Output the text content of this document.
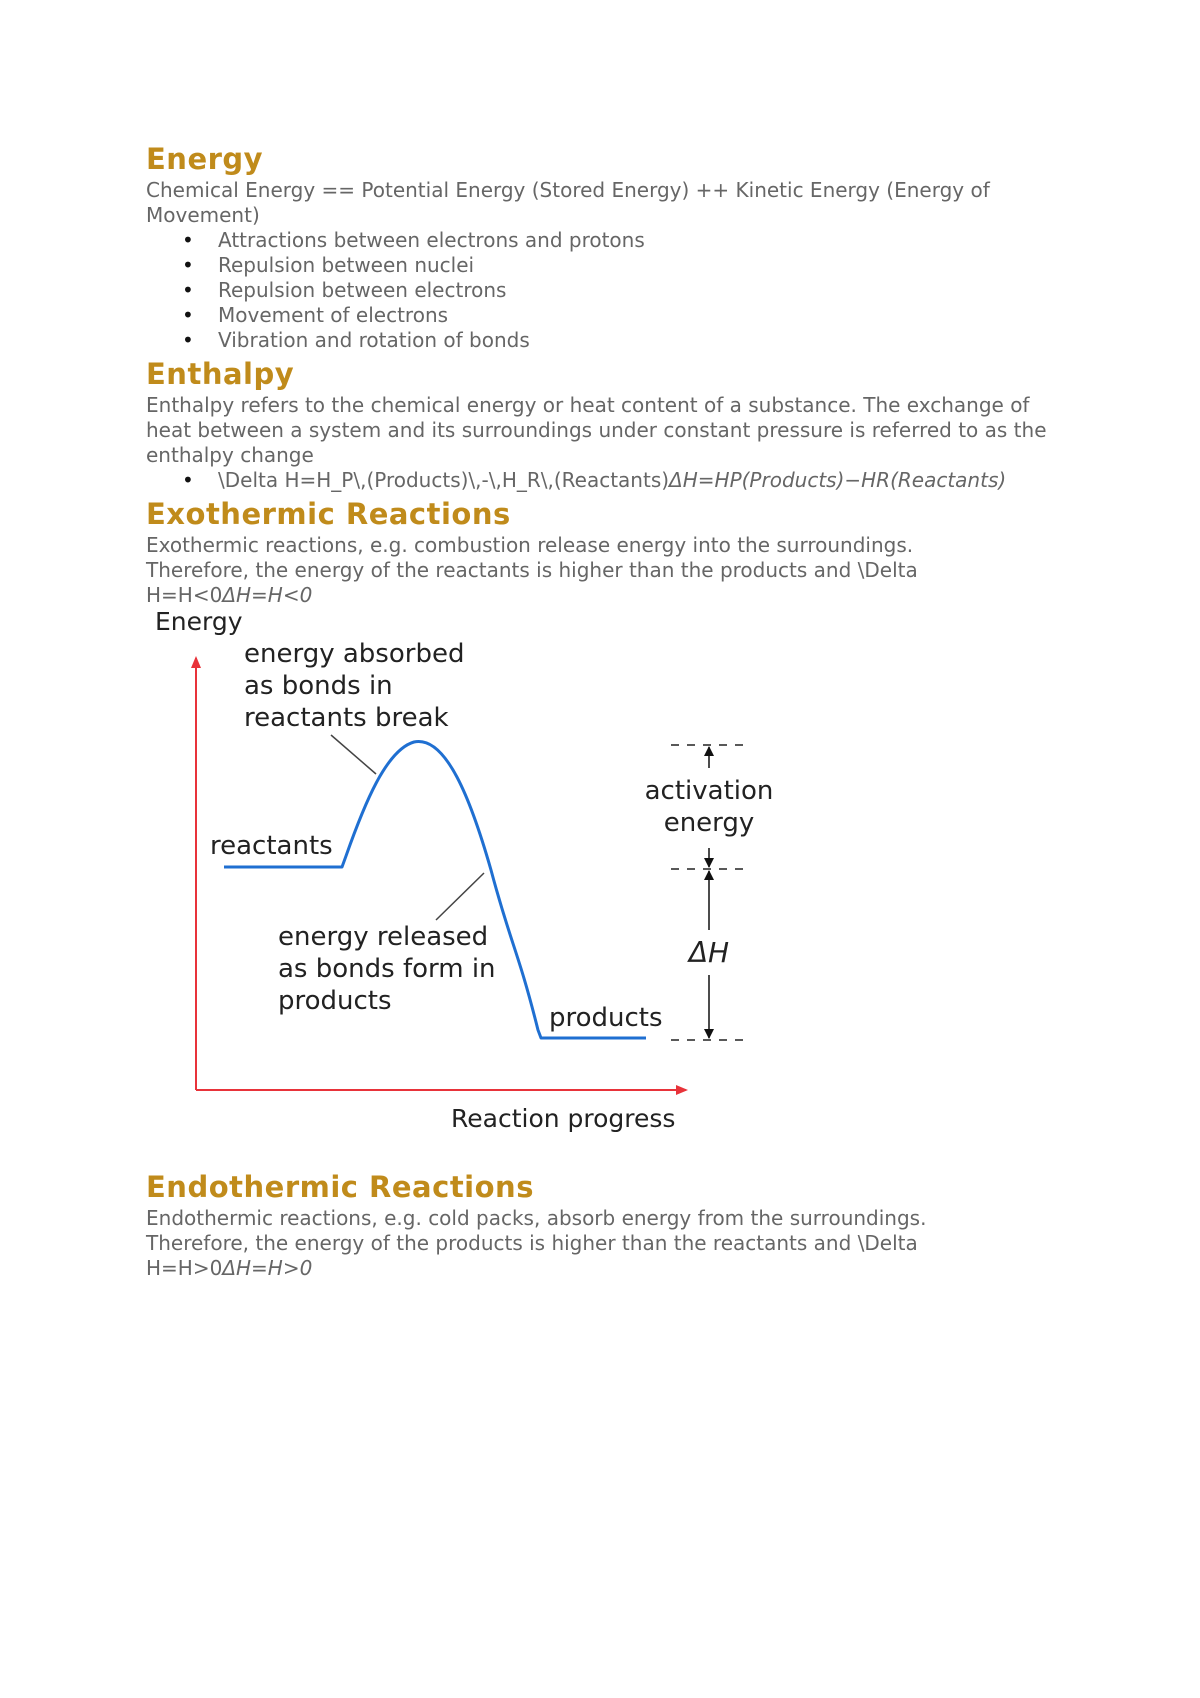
Energy

Chemical Energy == Potential Energy (Stored Energy) ++ Kinetic Energy (Energy of Movement)

• Attractions between electrons and protons
• Repulsion between nuclei
• Repulsion between electrons
• Movement of electrons
• Vibration and rotation of bonds
Enthalpy

Enthalpy refers to the chemical energy or heat content of a substance. The exchange of heat between a system and its surroundings under constant pressure is referred to as the enthalpy change

• \Delta H=H_P\,(Products)\,-\,H_R\,(Reactants)ΔH=HP(Products)−HR(Reactants)
Exothermic Reactions

Exothermic reactions, e.g. combustion release energy into the surroundings.

Therefore, the energy of the reactants is higher than the products and \Delta

H=H<0ΔH=H<0

Endothermic Reactions

Endothermic reactions, e.g. cold packs, absorb energy from the surroundings.

Therefore, the energy of the products is higher than the reactants and \Delta

H=H>0ΔH=H>0

Energy
Reaction progress
energy absorbed
as bonds in
reactants break
reactants
energy released
as bonds form in
products
products
activation
energy
ΔH
